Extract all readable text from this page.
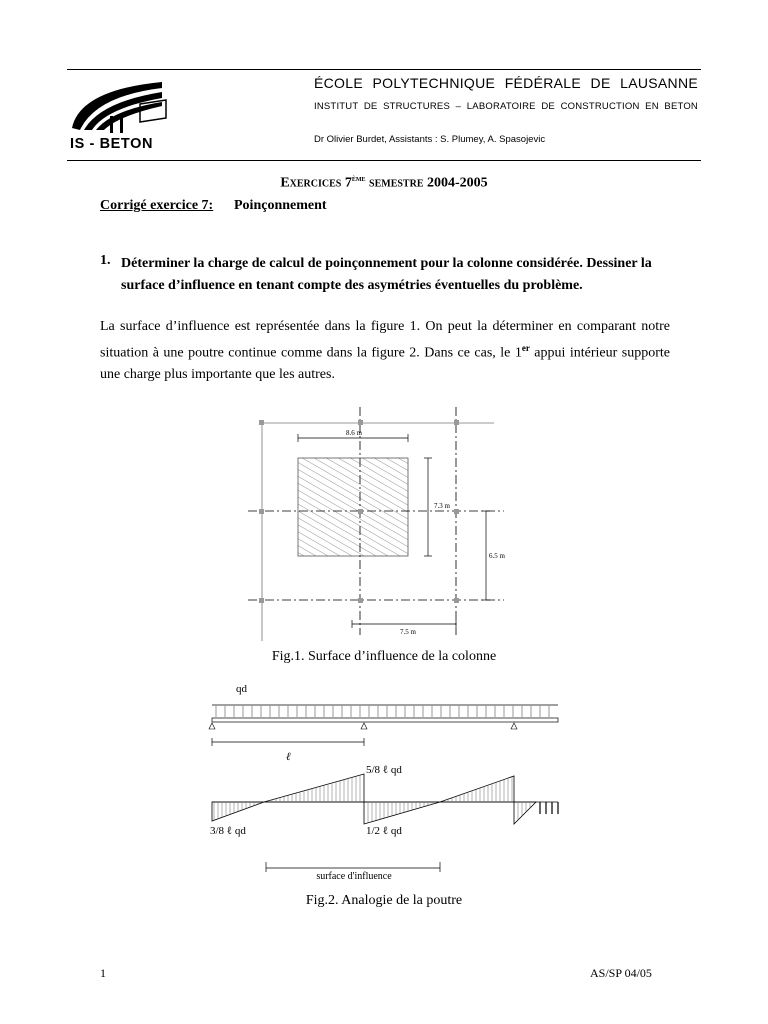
IS - BETON
ÉCOLE POLYTECHNIQUE FÉDÉRALE DE LAUSANNE
INSTITUT DE STRUCTURES – LABORATOIRE DE CONSTRUCTION EN BETON
Dr Olivier Burdet, Assistants : S. Plumey, A. Spasojevic
Exercices 7ème semestre 2004-2005
Corrigé exercice 7: Poinçonnement
1. Déterminer la charge de calcul de poinçonnement pour la colonne considérée. Dessiner la surface d’influence en tenant compte des asymétries éventuelles du problème.
La surface d’influence est représentée dans la figure 1. On peut la déterminer en comparant notre situation à une poutre continue comme dans la figure 2. Dans ce cas, le 1er appui intérieur supporte une charge plus importante que les autres.
8.6 m
7.3 m
6.5 m
7.5 m
Fig.1. Surface d’influence de la colonne
qd
ℓ
5/8 ℓ qd
3/8 ℓ qd	1/2 ℓ qd
surface d'influence
Fig.2. Analogie de la poutre
1	AS/SP 04/05
